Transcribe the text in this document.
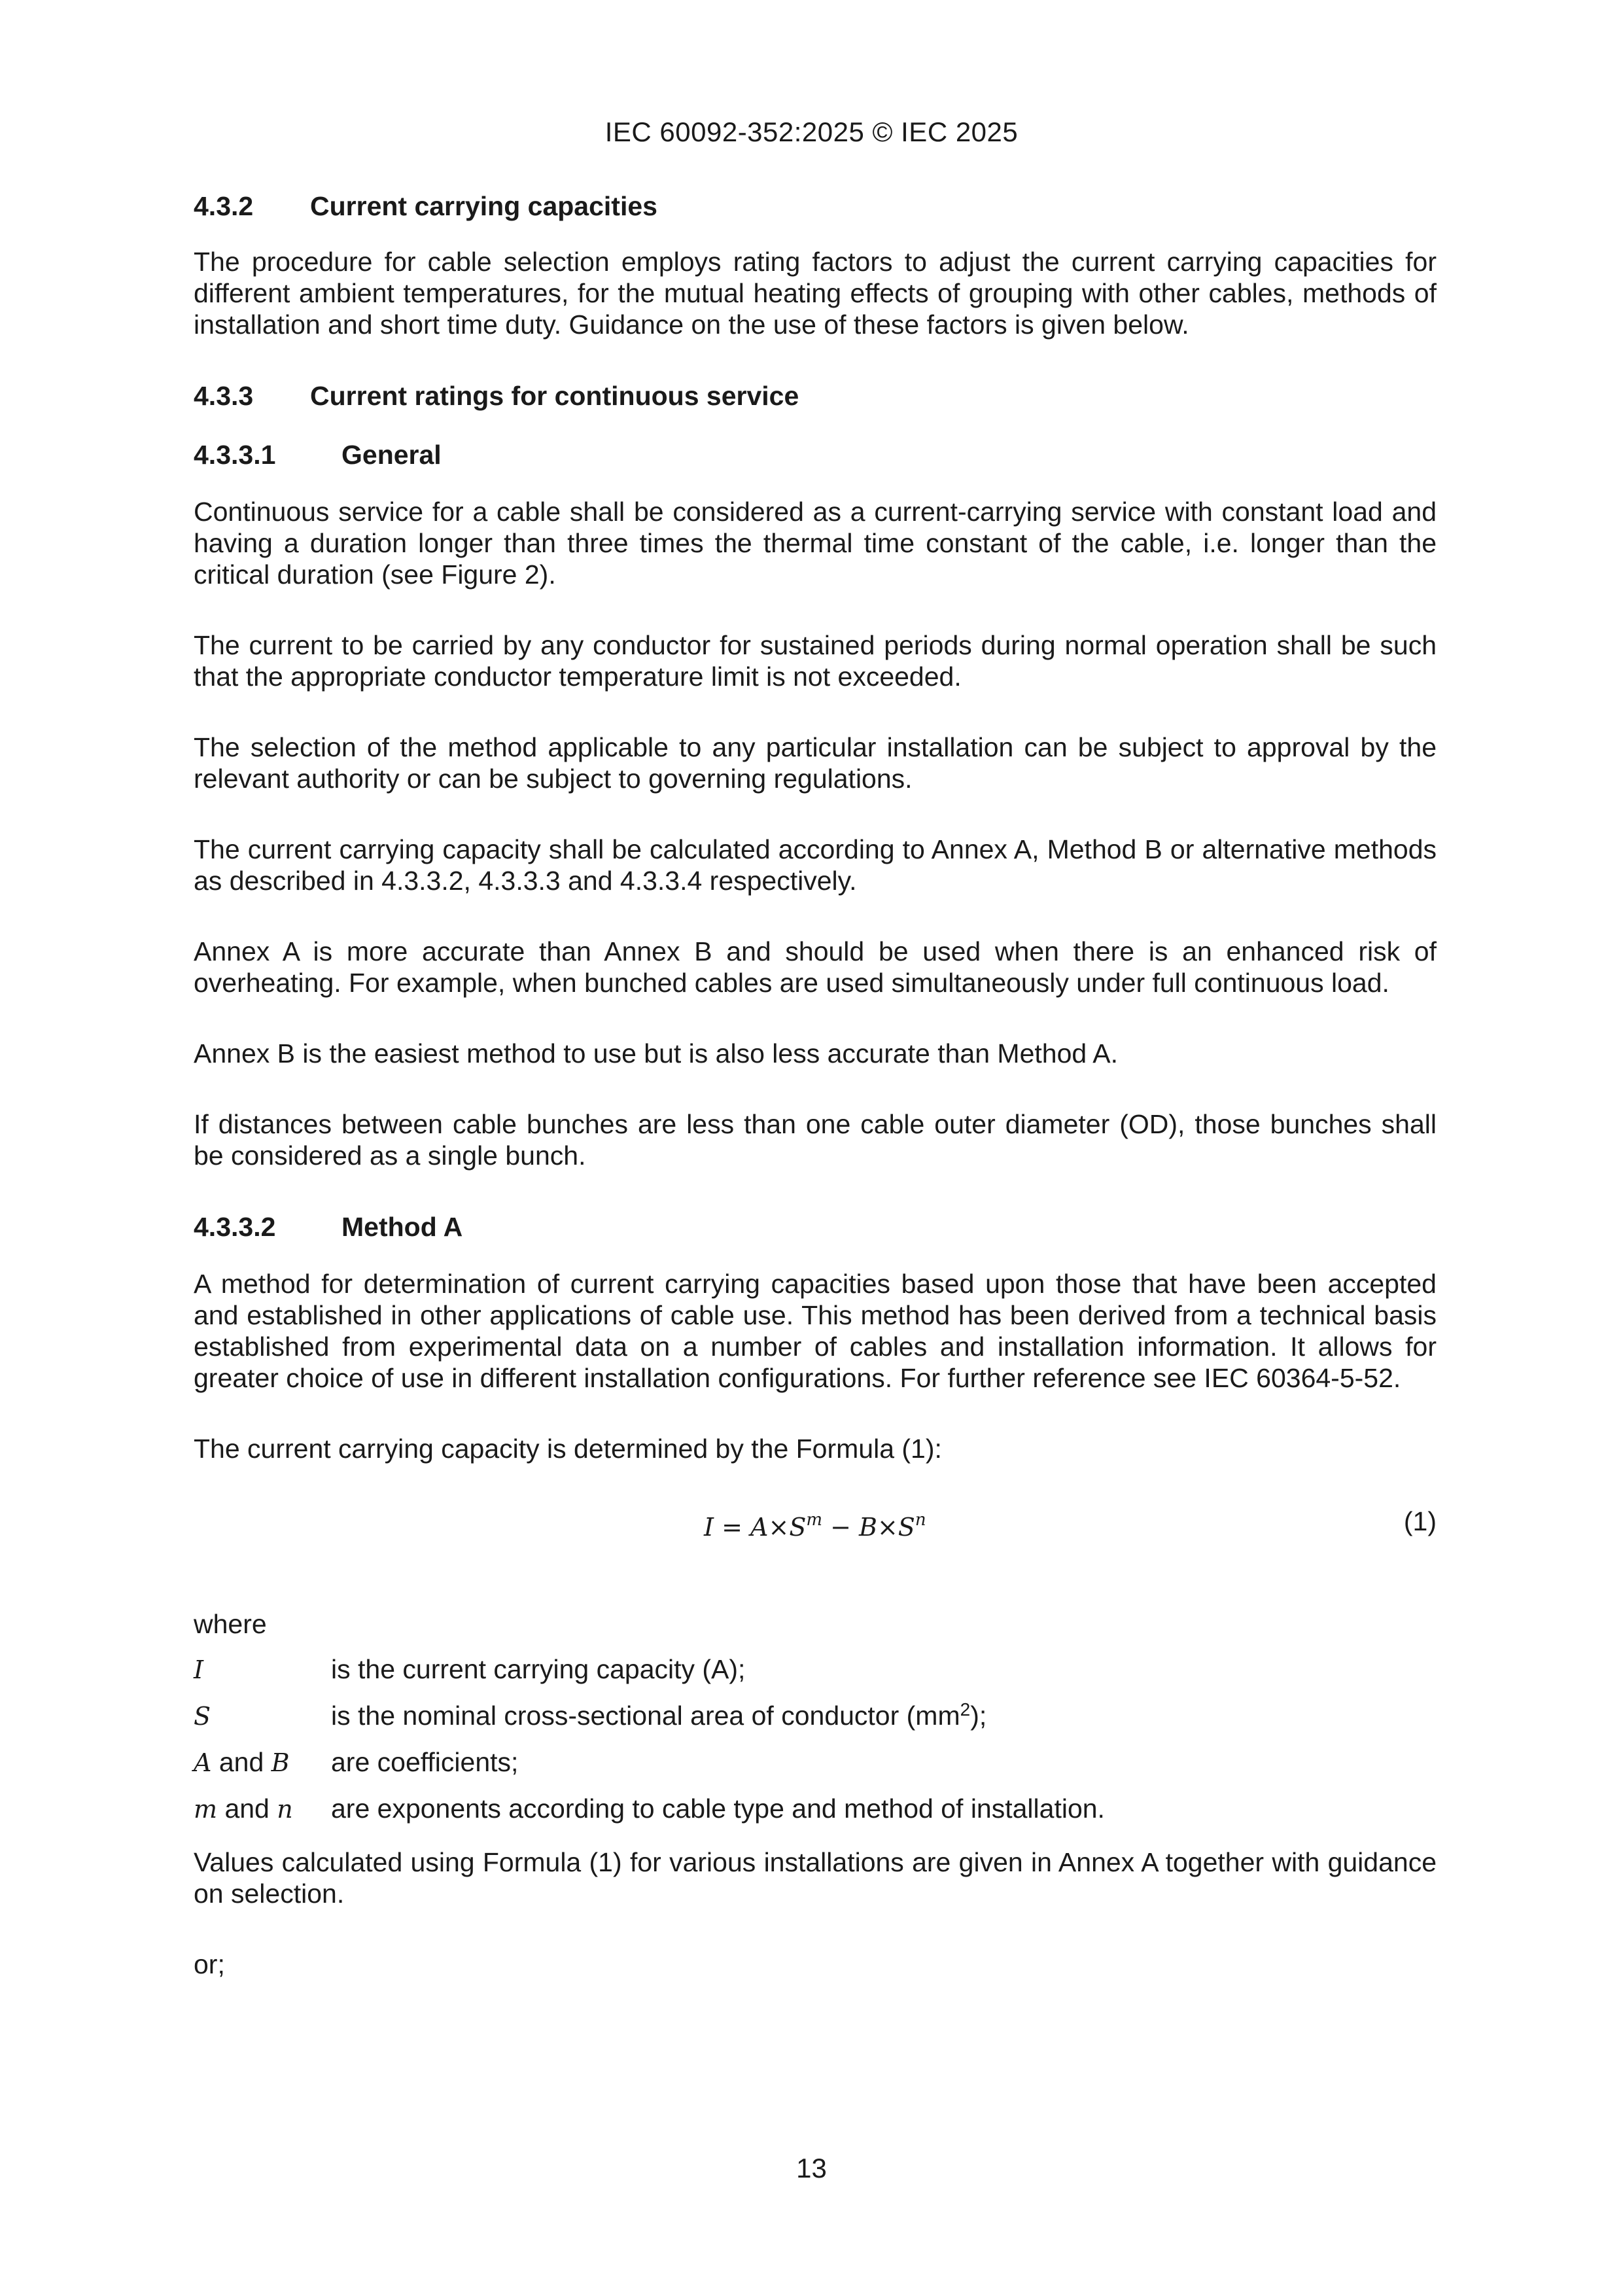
IEC 60092-352:2025 © IEC 2025
4.3.2 Current carrying capacities

The procedure for cable selection employs rating factors to adjust the current carrying capacities for different ambient temperatures, for the mutual heating effects of grouping with other cables, methods of installation and short time duty. Guidance on the use of these factors is given below.

4.3.3 Current ratings for continuous service
4.3.3.1 General

Continuous service for a cable shall be considered as a current-carrying service with constant load and having a duration longer than three times the thermal time constant of the cable, i.e. longer than the critical duration (see Figure 2).

The current to be carried by any conductor for sustained periods during normal operation shall be such that the appropriate conductor temperature limit is not exceeded.

The selection of the method applicable to any particular installation can be subject to approval by the relevant authority or can be subject to governing regulations.

The current carrying capacity shall be calculated according to Annex A, Method B or alternative methods as described in 4.3.3.2, 4.3.3.3 and 4.3.3.4 respectively.

Annex A is more accurate than Annex B and should be used when there is an enhanced risk of overheating. For example, when bunched cables are used simultaneously under full continuous load.

Annex B is the easiest method to use but is also less accurate than Method A.

If distances between cable bunches are less than one cable outer diameter (OD), those bunches shall be considered as a single bunch.

4.3.3.2 Method A

A method for determination of current carrying capacities based upon those that have been accepted and established in other applications of cable use. This method has been derived from a technical basis established from experimental data on a number of cables and installation information. It allows for greater choice of use in different installation configurations. For further reference see IEC 60364-5-52.

The current carrying capacity is determined by the Formula (1):

$I = A\times S^m - B\times S^n$	(1)

where

I	is the current carrying capacity (A);
S	is the nominal cross-sectional area of conductor $(mm^2)$;
A and B	are coefficients;
m and n	are exponents according to cable type and method of installation.

Values calculated using Formula (1) for various installations are given in Annex A together with guidance on selection.

or;

13
